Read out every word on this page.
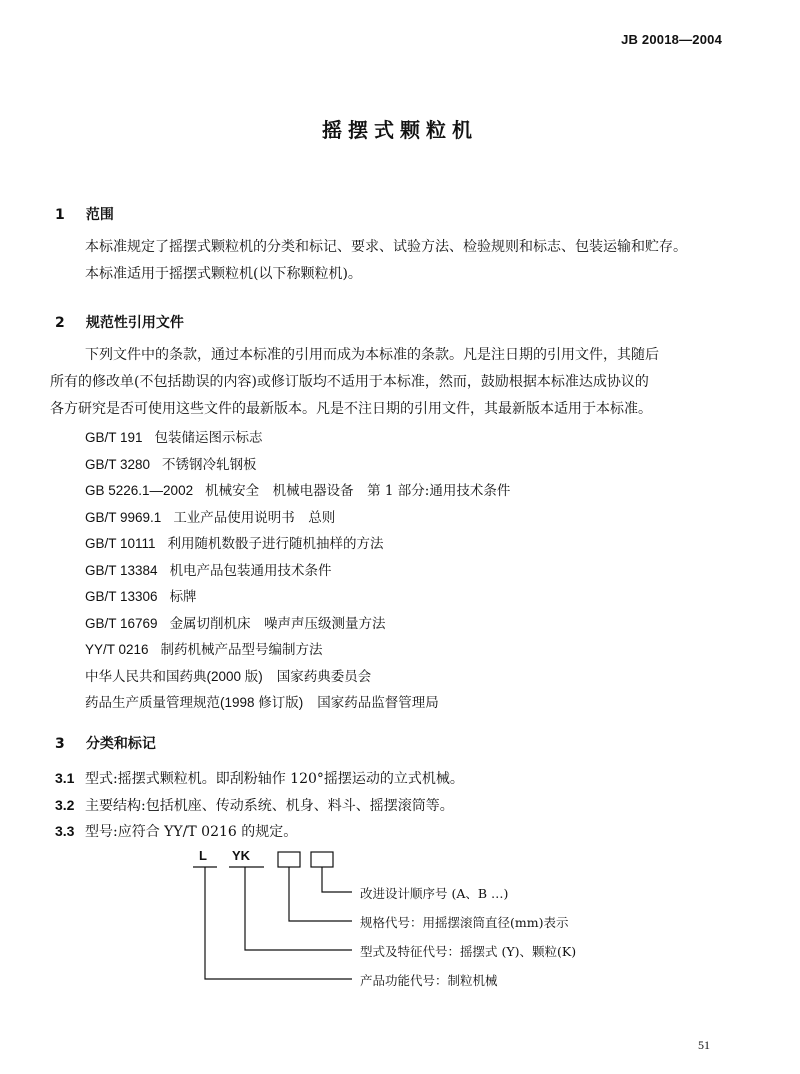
JB 20018—2004
摇摆式颗粒机
1 范围

本标准规定了摇摆式颗粒机的分类和标记、要求、试验方法、检验规则和标志、包装运输和贮存。

本标准适用于摇摆式颗粒机(以下称颗粒机)。

2 规范性引用文件

下列文件中的条款，通过本标准的引用而成为本标准的条款。凡是注日期的引用文件，其随后

所有的修改单(不包括勘误的内容)或修订版均不适用于本标准，然而，鼓励根据本标准达成协议的

各方研究是否可使用这些文件的最新版本。凡是不注日期的引用文件，其最新版本适用于本标准。

GB/T 191 包装储运图示标志
GB/T 3280 不锈钢冷轧钢板
GB 5226.1—2002 机械安全　机械电器设备　第 1 部分:通用技术条件
GB/T 9969.1 工业产品使用说明书　总则
GB/T 10111 利用随机数骰子进行随机抽样的方法
GB/T 13384 机电产品包装通用技术条件
GB/T 13306 标牌
GB/T 16769 金属切削机床　噪声声压级测量方法
YY/T 0216 制药机械产品型号编制方法
中华人民共和国药典(2000 版) 国家药典委员会
药品生产质量管理规范(1998 修订版) 国家药品监督管理局
3 分类和标记
3.1 型式:摇摆式颗粒机。即刮粉轴作 120°摇摆运动的立式机械。
3.2 主要结构:包括机座、传动系统、机身、料斗、摇摆滚筒等。
3.3 型号:应符合 YY/T 0216 的规定。
L YK
改进设计顺序号 (A、B …)
规格代号：用摇摆滚筒直径(mm)表示
型式及特征代号：摇摆式 (Y)、颗粒(K)
产品功能代号：制粒机械
51
